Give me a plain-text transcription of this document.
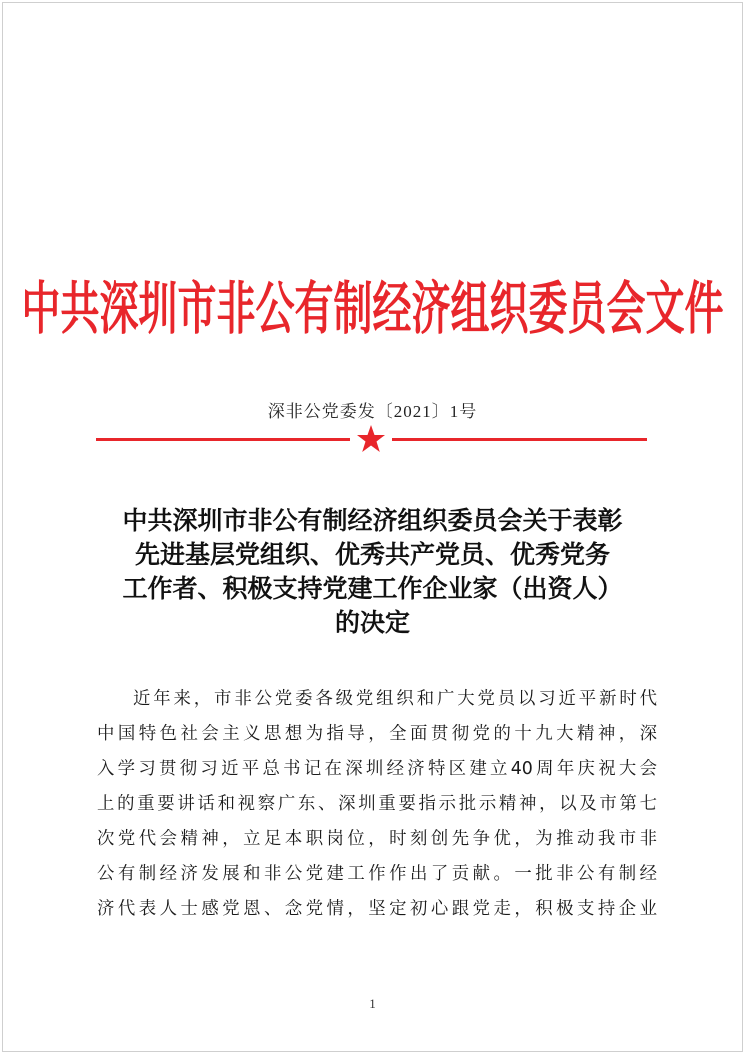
中共深圳市非公有制经济组织委员会文件
深非公党委发〔2021〕1号
中共深圳市非公有制经济组织委员会关于表彰
先进基层党组织、优秀共产党员、优秀党务
工作者、积极支持党建工作企业家（出资人）
的决定
近年来，市非公党委各级党组织和广大党员以习近平新时代
中国特色社会主义思想为指导，全面贯彻党的十九大精神，深
入学习贯彻习近平总书记在深圳经济特区建立40周年庆祝大会
上的重要讲话和视察广东、深圳重要指示批示精神，以及市第七
次党代会精神，立足本职岗位，时刻创先争优，为推动我市非
公有制经济发展和非公党建工作作出了贡献。一批非公有制经
济代表人士感党恩、念党情，坚定初心跟党走，积极支持企业
1
